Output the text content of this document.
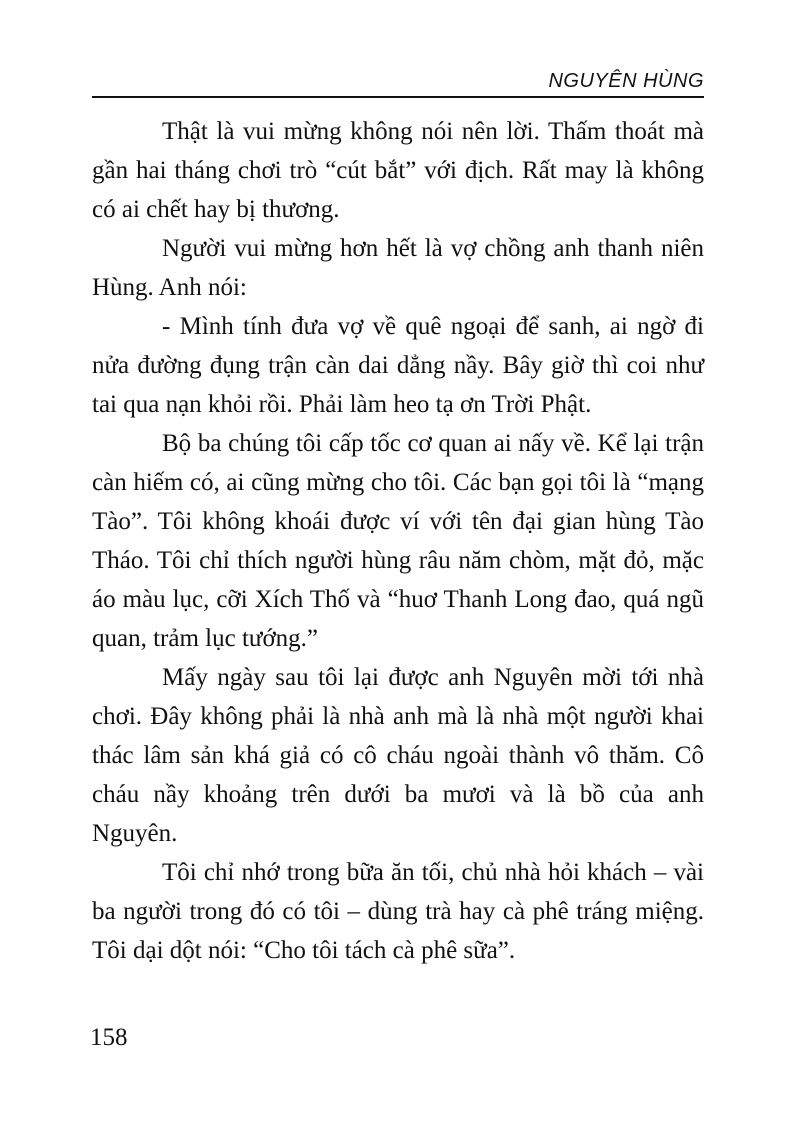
NGUYÊN HÙNG

Thật là vui mừng không nói nên lời. Thấm thoát mà gần hai tháng chơi trò “cút bắt” với địch. Rất may là không có ai chết hay bị thương.

Người vui mừng hơn hết là vợ chồng anh thanh niên Hùng. Anh nói:

- Mình tính đưa vợ về quê ngoại để sanh, ai ngờ đi nửa đường đụng trận càn dai dẳng nầy. Bây giờ thì coi như tai qua nạn khỏi rồi. Phải làm heo tạ ơn Trời Phật.

Bộ ba chúng tôi cấp tốc cơ quan ai nấy về. Kể lại trận càn hiếm có, ai cũng mừng cho tôi. Các bạn gọi tôi là “mạng Tào”. Tôi không khoái được ví với tên đại gian hùng Tào Tháo. Tôi chỉ thích người hùng râu năm chòm, mặt đỏ, mặc áo màu lục, cỡi Xích Thố và “huơ Thanh Long đao, quá ngũ quan, trảm lục tướng.”

Mấy ngày sau tôi lại được anh Nguyên mời tới nhà chơi. Đây không phải là nhà anh mà là nhà một người khai thác lâm sản khá giả có cô cháu ngoài thành vô thăm. Cô cháu nầy khoảng trên dưới ba mươi và là bồ của anh Nguyên.

Tôi chỉ nhớ trong bữa ăn tối, chủ nhà hỏi khách – vài ba người trong đó có tôi – dùng trà hay cà phê tráng miệng. Tôi dại dột nói: “Cho tôi tách cà phê sữa”.

158
